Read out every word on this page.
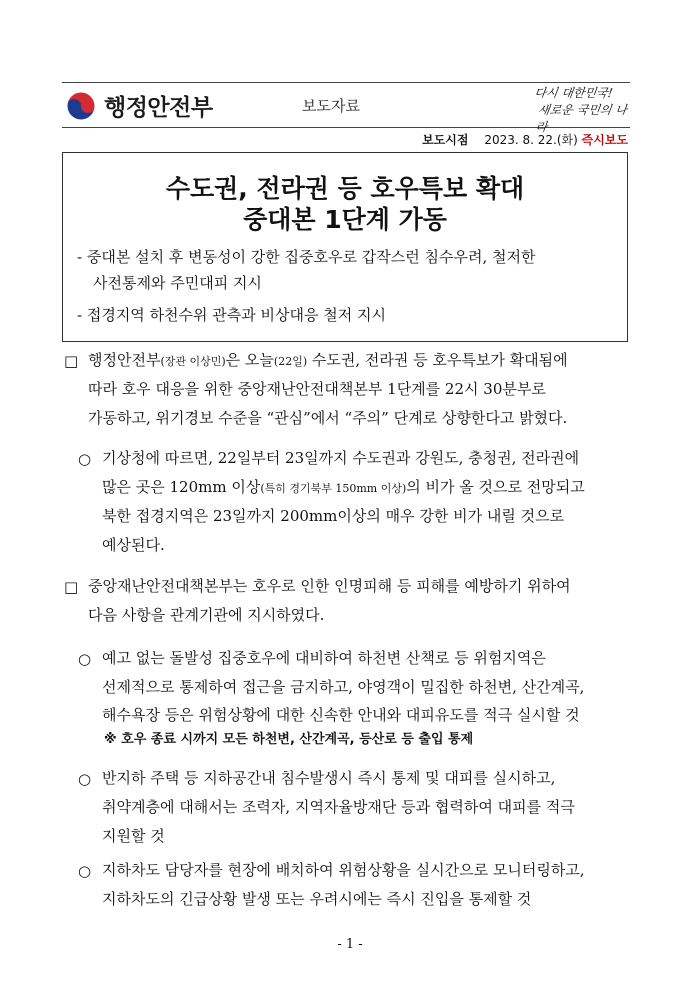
행정안전부	보도자료
다시 대한민국!
새로운 국민의 나라
보도시점 2023. 8. 22.(화) 즉시보도
수도권, 전라권 등 호우특보 확대
중대본 1단계 가동
- 중대본 설치 후 변동성이 강한 집중호우로 갑작스런 침수우려, 철저한
사전통제와 주민대피 지시
- 접경지역 하천수위 관측과 비상대응 철저 지시
□ 행정안전부(장관 이상민)은 오늘(22일) 수도권, 전라권 등 호우특보가 확대됨에
따라 호우 대응을 위한 중앙재난안전대책본부 1단계를 22시 30분부로
가동하고, 위기경보 수준을 “관심”에서 “주의” 단계로 상향한다고 밝혔다.
○ 기상청에 따르면, 22일부터 23일까지 수도권과 강원도, 충청권, 전라권에
많은 곳은 120mm 이상(특히 경기북부 150mm 이상)의 비가 올 것으로 전망되고
북한 접경지역은 23일까지 200mm이상의 매우 강한 비가 내릴 것으로
예상된다.
□ 중앙재난안전대책본부는 호우로 인한 인명피해 등 피해를 예방하기 위하여
다음 사항을 관계기관에 지시하였다.
○ 예고 없는 돌발성 집중호우에 대비하여 하천변 산책로 등 위험지역은
선제적으로 통제하여 접근을 금지하고, 야영객이 밀집한 하천변, 산간계곡,
해수욕장 등은 위험상황에 대한 신속한 안내와 대피유도를 적극 실시할 것
※ 호우 종료 시까지 모든 하천변, 산간계곡, 등산로 등 출입 통제
○ 반지하 주택 등 지하공간내 침수발생시 즉시 통제 및 대피를 실시하고,
취약계층에 대해서는 조력자, 지역자율방재단 등과 협력하여 대피를 적극
지원할 것
○ 지하차도 담당자를 현장에 배치하여 위험상황을 실시간으로 모니터링하고,
지하차도의 긴급상황 발생 또는 우려시에는 즉시 진입을 통제할 것
- 1 -
